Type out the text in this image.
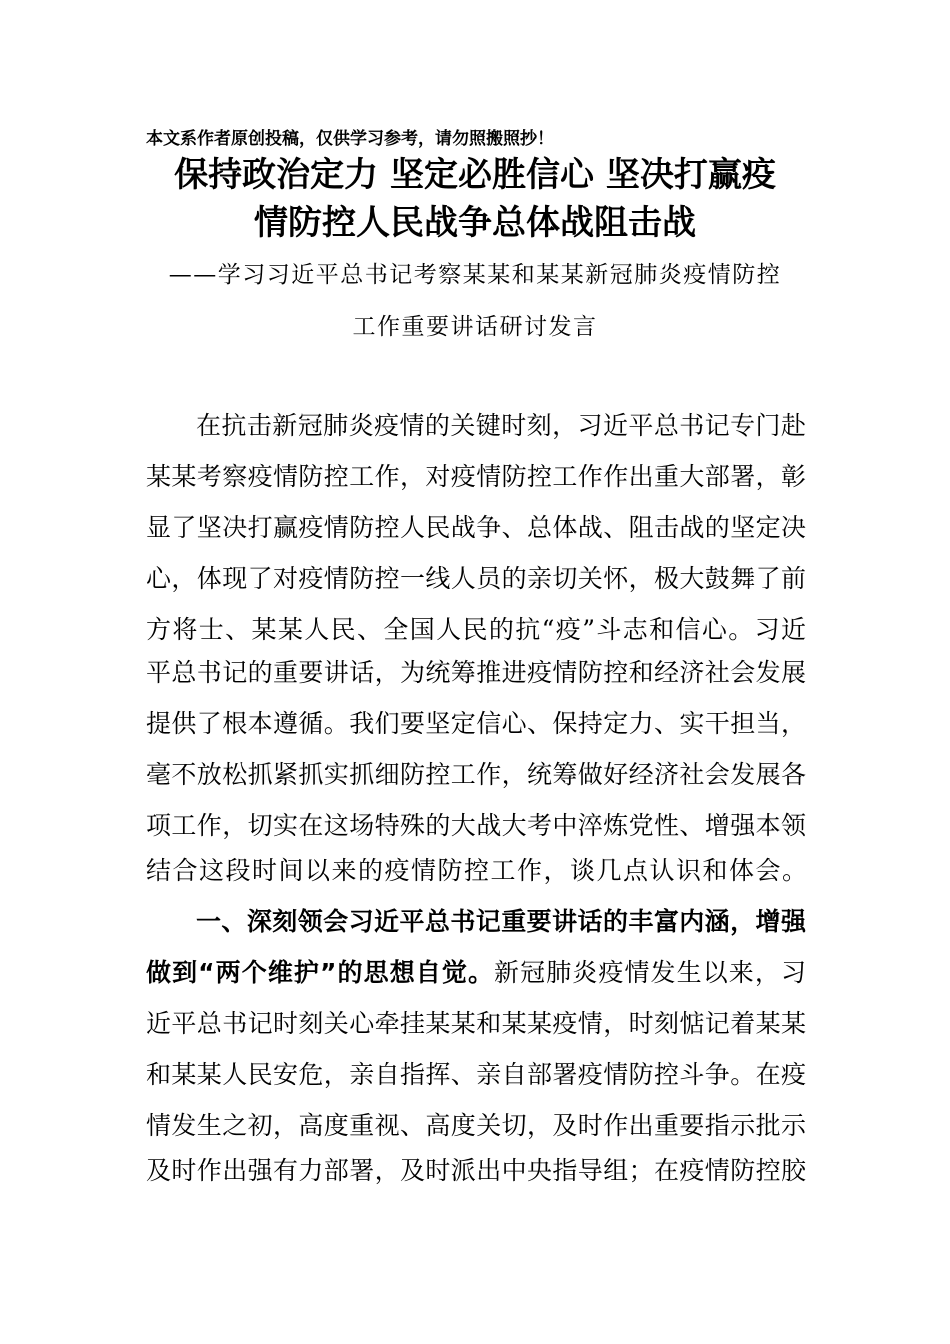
本文系作者原创投稿，仅供学习参考，请勿照搬照抄！
保持政治定力 坚定必胜信心 坚决打赢疫
情防控人民战争总体战阻击战
——学习习近平总书记考察某某和某某新冠肺炎疫情防控
工作重要讲话研讨发言
在抗击新冠肺炎疫情的关键时刻，习近平总书记专门赴
某某考察疫情防控工作，对疫情防控工作作出重大部署，彰
显了坚决打赢疫情防控人民战争、总体战、阻击战的坚定决
心，体现了对疫情防控一线人员的亲切关怀，极大鼓舞了前
方将士、某某人民、全国人民的抗“疫”斗志和信心。习近
平总书记的重要讲话，为统筹推进疫情防控和经济社会发展
提供了根本遵循。我们要坚定信心、保持定力、实干担当，
毫不放松抓紧抓实抓细防控工作，统筹做好经济社会发展各
项工作，切实在这场特殊的大战大考中淬炼党性、增强本领
结合这段时间以来的疫情防控工作，谈几点认识和体会。
一、深刻领会习近平总书记重要讲话的丰富内涵，增强
做到“两个维护”的思想自觉。新冠肺炎疫情发生以来，习
近平总书记时刻关心牵挂某某和某某疫情，时刻惦记着某某
和某某人民安危，亲自指挥、亲自部署疫情防控斗争。在疫
情发生之初，高度重视、高度关切，及时作出重要指示批示
及时作出强有力部署，及时派出中央指导组；在疫情防控胶
